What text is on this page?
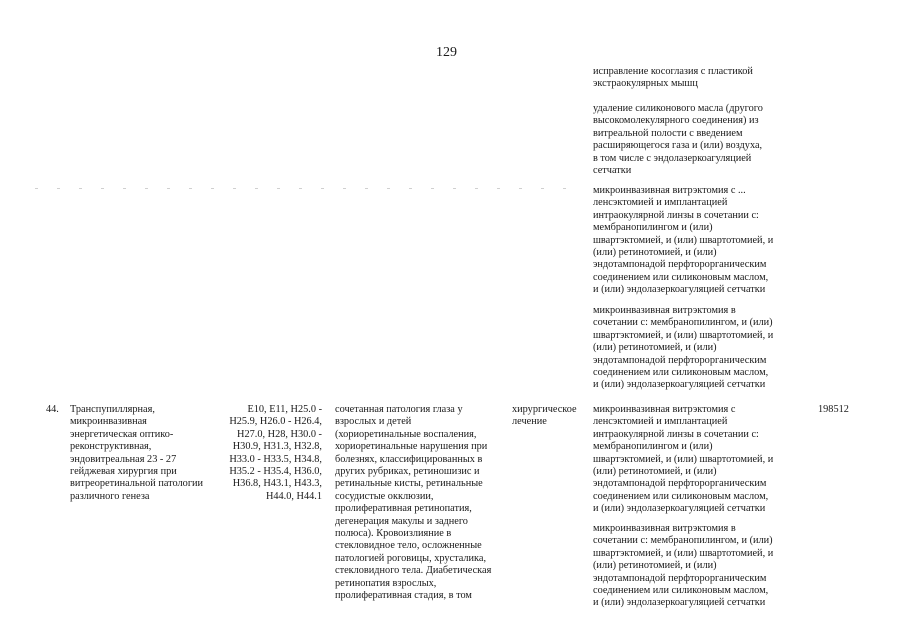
129
исправление косоглазия с пластикой
экстраокулярных мышц
удаление силиконового масла (другого
высокомолекулярного соединения) из
витреальной полости с введением
расширяющегося газа и (или) воздуха,
в том числе с эндолазеркоагуляцией
сетчатки
микроинвазивная витрэктомия с ...
ленсэктомией и имплантацией
интраокулярной линзы в сочетании с:
мембранопилингом и (или)
швартэктомией, и (или) швартотомией, и
(или) ретинотомией, и (или)
эндотампонадой перфторорганическим
соединением или силиконовым маслом,
и (или) эндолазеркоагуляцией сетчатки
микроинвазивная витрэктомия в
сочетании с: мембранопилингом, и (или)
швартэктомией, и (или) швартотомией, и
(или) ретинотомией, и (или)
эндотампонадой перфторорганическим
соединением или силиконовым маслом,
и (или) эндолазеркоагуляцией сетчатки
44. Транспупиллярная,
микроинвазивная
энергетическая оптико-
реконструктивная,
эндовитреальная 23 - 27
гейджевая хирургия при
витреоретинальной патологии
различного генеза
E10, E11, H25.0 -
H25.9, H26.0 - H26.4,
H27.0, H28, H30.0 -
H30.9, H31.3, H32.8,
H33.0 - H33.5, H34.8,
H35.2 - H35.4, H36.0,
H36.8, H43.1, H43.3,
H44.0, H44.1
сочетанная патология глаза у
взрослых и детей
(хориоретинальные воспаления,
хориоретинальные нарушения при
болезнях, классифицированных в
других рубриках, ретиношизис и
ретинальные кисты, ретинальные
сосудистые окклюзии,
пролиферативная ретинопатия,
дегенерация макулы и заднего
полюса). Кровоизлияние в
стекловидное тело, осложненные
патологией роговицы, хрусталика,
стекловидного тела. Диабетическая
ретинопатия взрослых,
пролиферативная стадия, в том
хирургическое
лечение
микроинвазивная витрэктомия с
ленсэктомией и имплантацией
интраокулярной линзы в сочетании с:
мембранопилингом и (или)
швартэктомией, и (или) швартотомией, и
(или) ретинотомией, и (или)
эндотампонадой перфторорганическим
соединением или силиконовым маслом,
и (или) эндолазеркоагуляцией сетчатки
микроинвазивная витрэктомия в
сочетании с: мембранопилингом, и (или)
швартэктомией, и (или) швартотомией, и
(или) ретинотомией, и (или)
эндотампонадой перфторорганическим
соединением или силиконовым маслом,
и (или) эндолазеркоагуляцией сетчатки
198512
